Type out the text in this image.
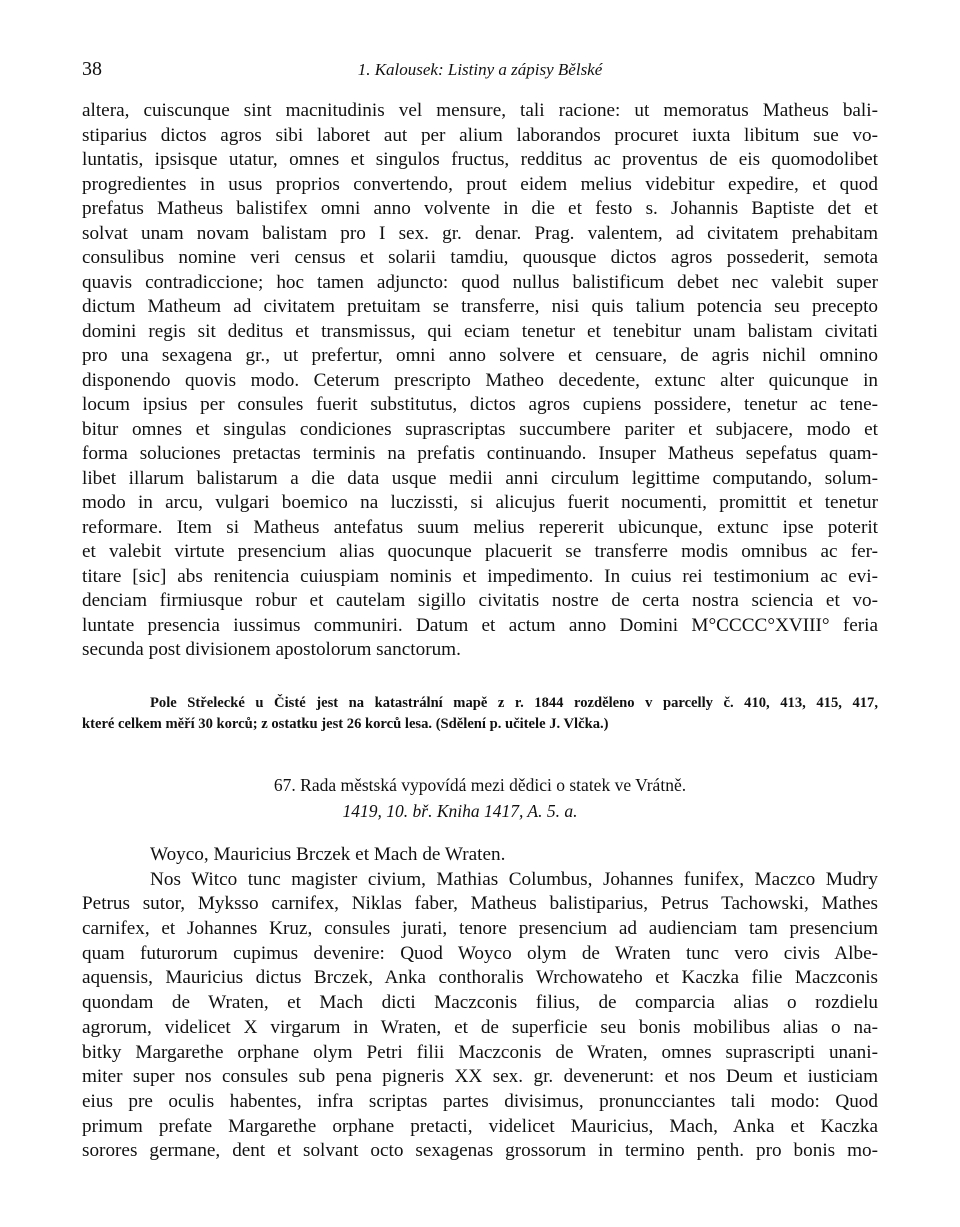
38	1. Kalousek: Listiny a zápisy Bělské
altera, cuiscunque sint macnitudinis vel mensure, tali racione: ut memoratus Matheus bali-
stiparius dictos agros sibi laboret aut per alium laborandos procuret iuxta libitum sue vo-
luntatis, ipsisque utatur, omnes et singulos fructus, redditus ac proventus de eis quomodolibet
progredientes in usus proprios convertendo, prout eidem melius videbitur expedire, et quod
prefatus Matheus balistifex omni anno volvente in die et festo s. Johannis Baptiste det et
solvat unam novam balistam pro I sex. gr. denar. Prag. valentem, ad civitatem prehabitam
consulibus nomine veri census et solarii tamdiu, quousque dictos agros possederit, semota
quavis contradiccione; hoc tamen adjuncto: quod nullus balistificum debet nec valebit super
dictum Matheum ad civitatem pretuitam se transferre, nisi quis talium potencia seu precepto
domini regis sit deditus et transmissus, qui eciam tenetur et tenebitur unam balistam civitati
pro una sexagena gr., ut prefertur, omni anno solvere et censuare, de agris nichil omnino
disponendo quovis modo. Ceterum prescripto Matheo decedente, extunc alter quicunque in
locum ipsius per consules fuerit substitutus, dictos agros cupiens possidere, tenetur ac tene-
bitur omnes et singulas condiciones suprascriptas succumbere pariter et subjacere, modo et
forma soluciones pretactas terminis na prefatis continuando. Insuper Matheus sepefatus quam-
libet illarum balistarum a die data usque medii anni circulum legittime computando, solum-
modo in arcu, vulgari boemico na luczissti, si alicujus fuerit nocumenti, promittit et tenetur
reformare. Item si Matheus antefatus suum melius repererit ubicunque, extunc ipse poterit
et valebit virtute presencium alias quocunque placuerit se transferre modis omnibus ac fer-
titare [sic] abs renitencia cuiuspiam nominis et impedimento. In cuius rei testimonium ac evi-
denciam firmiusque robur et cautelam sigillo civitatis nostre de certa nostra sciencia et vo-
luntate presencia iussimus communiri. Datum et actum anno Domini M°CCCC°XVIII° feria
secunda post divisionem apostolorum sanctorum.
Pole Střelecké u Čisté jest na katastrální mapě z r. 1844 rozděleno v parcelly č. 410, 413, 415, 417,
které celkem měří 30 korců; z ostatku jest 26 korců lesa. (Sdělení p. učitele J. Vlčka.)
67. Rada městská vypovídá mezi dědici o statek ve Vrátně.
1419, 10. bř. Kniha 1417, A. 5. a.
Woyco, Mauricius Brczek et Mach de Wraten.
Nos Witco tunc magister civium, Mathias Columbus, Johannes funifex, Maczco Mudry
Petrus sutor, Myksso carnifex, Niklas faber, Matheus balistiparius, Petrus Tachowski, Mathes
carnifex, et Johannes Kruz, consules jurati, tenore presencium ad audienciam tam presencium
quam futurorum cupimus devenire: Quod Woyco olym de Wraten tunc vero civis Albe-
aquensis, Mauricius dictus Brczek, Anka conthoralis Wrchowateho et Kaczka filie Maczconis
quondam de Wraten, et Mach dicti Maczconis filius, de comparcia alias o rozdielu
agrorum, videlicet X virgarum in Wraten, et de superficie seu bonis mobilibus alias o na-
bitky Margarethe orphane olym Petri filii Maczconis de Wraten, omnes suprascripti unani-
miter super nos consules sub pena pigneris XX sex. gr. devenerunt: et nos Deum et iusticiam
eius pre oculis habentes, infra scriptas partes divisimus, pronuncciantes tali modo: Quod
primum prefate Margarethe orphane pretacti, videlicet Mauricius, Mach, Anka et Kaczka
sorores germane, dent et solvant octo sexagenas grossorum in termino penth. pro bonis mo-
